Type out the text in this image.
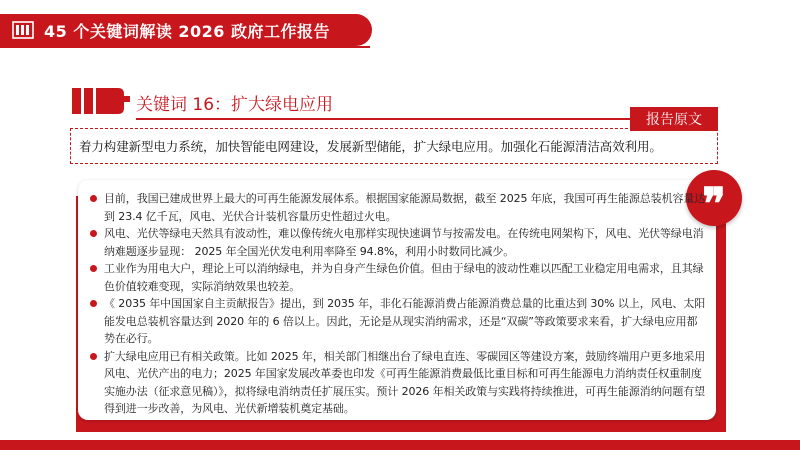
45 个关键词解读 2026 政府工作报告
关键词 16：扩大绿电应用
报告原文
着力构建新型电力系统，加快智能电网建设，发展新型储能，扩大绿电应用。加强化石能源清洁高效利用。
❞
目前，我国已建成世界上最大的可再生能源发展体系。根据国家能源局数据，截至 2025 年底，我国可再生能源总装机容量达到 23.4 亿千瓦，风电、光伏合计装机容量历史性超过火电。
风电、光伏等绿电天然具有波动性，难以像传统火电那样实现快速调节与按需发电。在传统电网架构下，风电、光伏等绿电消纳难题逐步显现： 2025 年全国光伏发电利用率降至 94.8%，利用小时数同比减少。
工业作为用电大户，理论上可以消纳绿电，并为自身产生绿色价值。但由于绿电的波动性难以匹配工业稳定用电需求，且其绿色价值较难变现，实际消纳效果也较差。
《 2035 年中国国家自主贡献报告》提出，到 2035 年，非化石能源消费占能源消费总量的比重达到 30% 以上，风电、太阳能发电总装机容量达到 2020 年的 6 倍以上。因此，无论是从现实消纳需求，还是“双碳”等政策要求来看，扩大绿电应用都势在必行。
扩大绿电应用已有相关政策。比如 2025 年，相关部门相继出台了绿电直连、零碳园区等建设方案，鼓励终端用户更多地采用风电、光伏产出的电力；2025 年国家发展改革委也印发《可再生能源消费最低比重目标和可再生能源电力消纳责任权重制度实施办法（征求意见稿）》，拟将绿电消纳责任扩展压实。预计 2026 年相关政策与实践将持续推进，可再生能源消纳问题有望得到进一步改善，为风电、光伏新增装机奠定基础。
